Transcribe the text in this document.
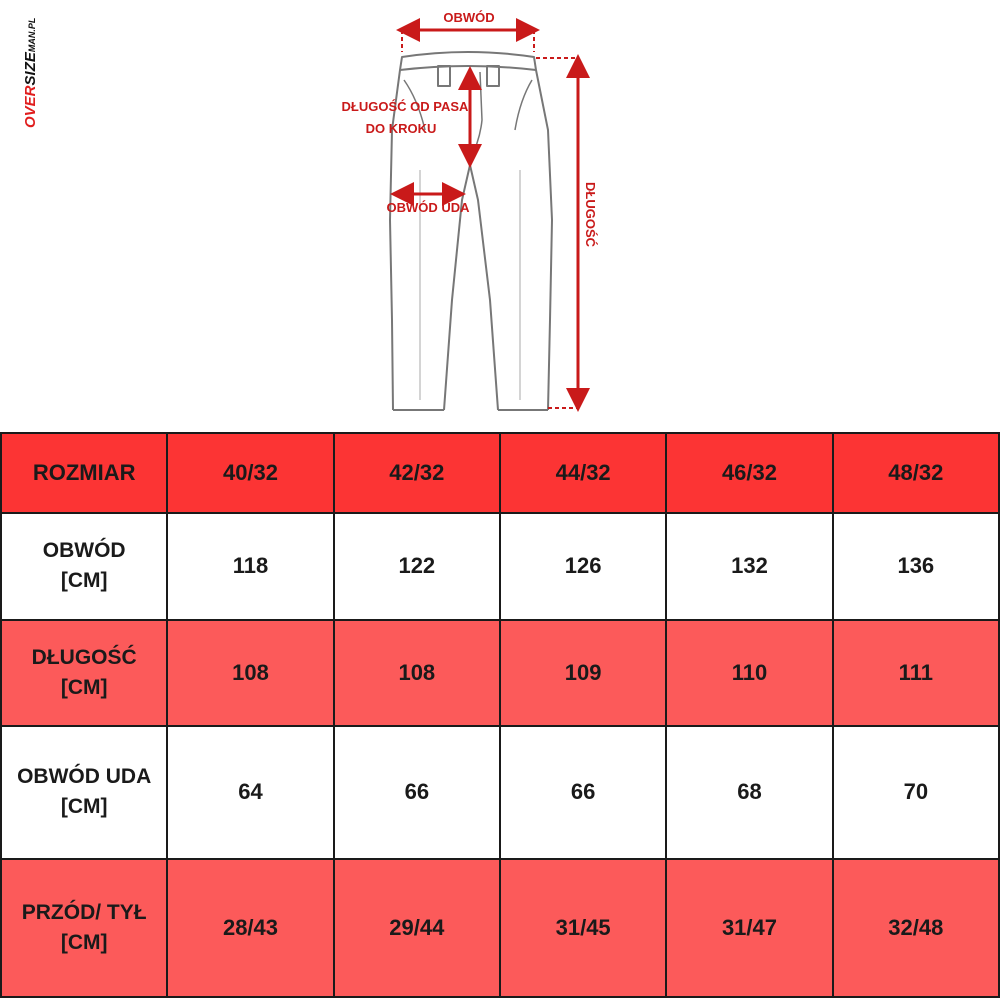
OVERSIZEMAN.PL
OBWÓD
DŁUGOŚĆ OD PASA
DO KROKU
OBWÓD UDA	DŁUGOŚĆ
ROZMIAR	40/32	42/32	44/32	46/32	48/32

OBWÓD
[CM]	118	122	126	132	136

DŁUGOŚĆ
[CM]	108	108	109	110	111

OBWÓD UDA
[CM]	64	66	66	68	70

PRZÓD/ TYŁ
[CM]	28/43	29/44	31/45	31/47	32/48
